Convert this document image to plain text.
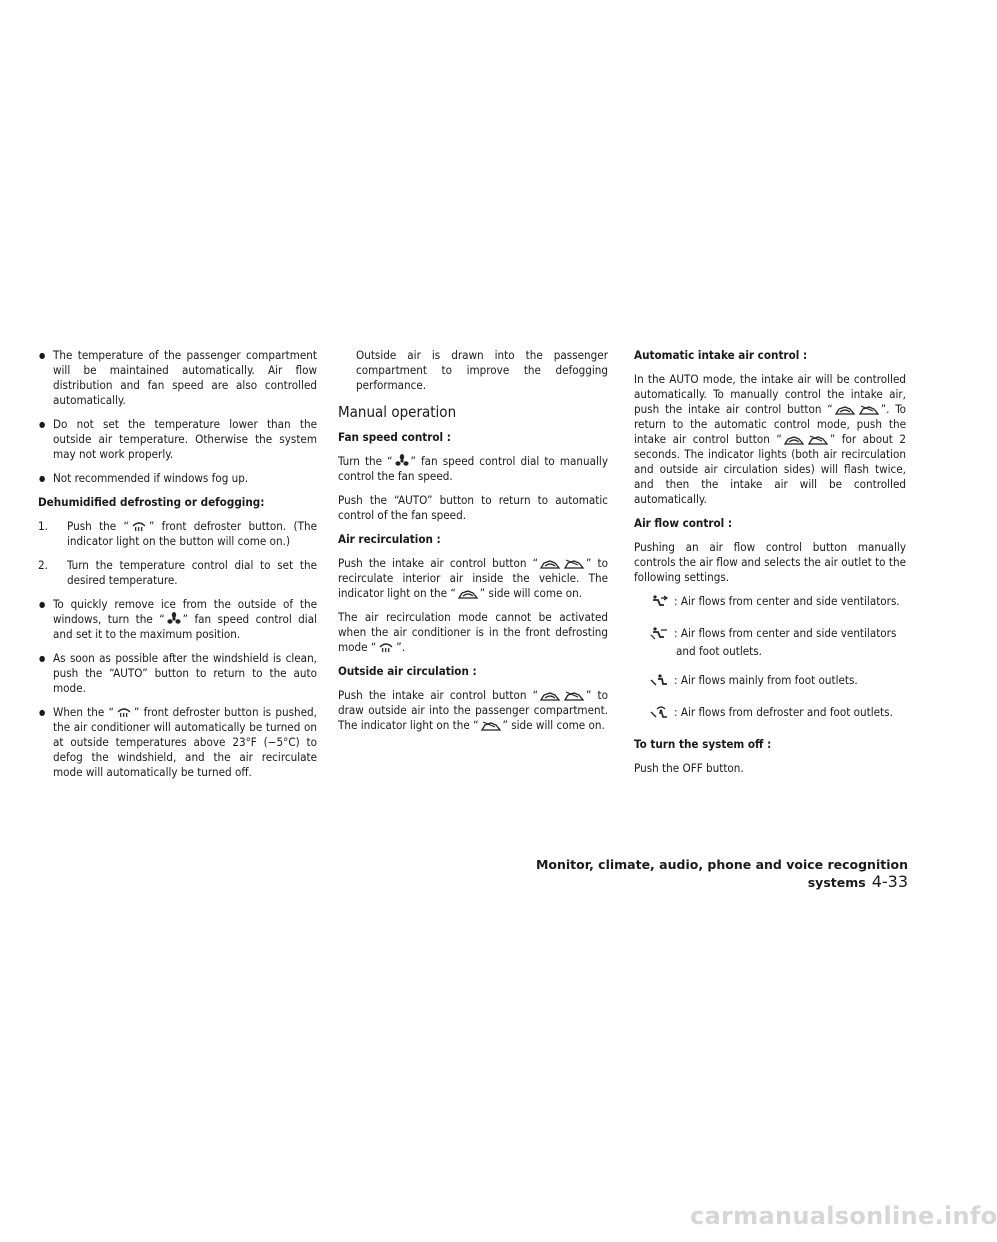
● The temperature of the passenger compartment will be maintained automatically. Air flow distribution and fan speed are also controlled automatically.
● Do not set the temperature lower than the outside air temperature. Otherwise the system may not work properly.
● Not recommended if windows fog up.
Dehumidified defrosting or defogging:
1. Push the “ ” front defroster button. (The indicator light on the button will come on.)
2. Turn the temperature control dial to set the desired temperature.
● To quickly remove ice from the outside of the windows, turn the “ ” fan speed control dial and set it to the maximum position.
● As soon as possible after the windshield is clean, push the “AUTO” button to return to the auto mode.
● When the “ ” front defroster button is pushed, the air conditioner will automatically be turned on at outside temperatures above 23°F (−5°C) to defog the windshield, and the air recirculate mode will automatically be turned off.

Outside air is drawn into the passenger compartment to improve the defogging performance.

Manual operation
Fan speed control :

Turn the “ ” fan speed control dial to manually control the fan speed.

Push the “AUTO” button to return to automatic control of the fan speed.

Air recirculation :

Push the intake air control button “	” to recirculate interior air inside the vehicle. The indicator light on the “ ” side will come on.

The air recirculation mode cannot be activated when the air conditioner is in the front defrosting mode “ ”.

Outside air circulation :

Push the intake air control button “	” to draw outside air into the passenger compartment. The indicator light on the “ ” side will come on.

Automatic intake air control :

In the AUTO mode, the intake air will be controlled automatically. To manually control the intake air, push the intake air control button “	”. To return to the automatic control mode, push the intake air control button “	” for about 2 seconds. The indicator lights (both air recirculation and outside air circulation sides) will flash twice, and then the intake air will be controlled automatically.

Air flow control :

Pushing an air flow control button manually controls the air flow and selects the air outlet to the following settings.

: Air flows from center and side ventilators.
: Air flows from center and side ventilators and foot outlets.
: Air flows mainly from foot outlets.
: Air flows from defroster and foot outlets.
To turn the system off :

Push the OFF button.

Monitor, climate, audio, phone and voice recognition systems 4-33
carmanualsonline.info
